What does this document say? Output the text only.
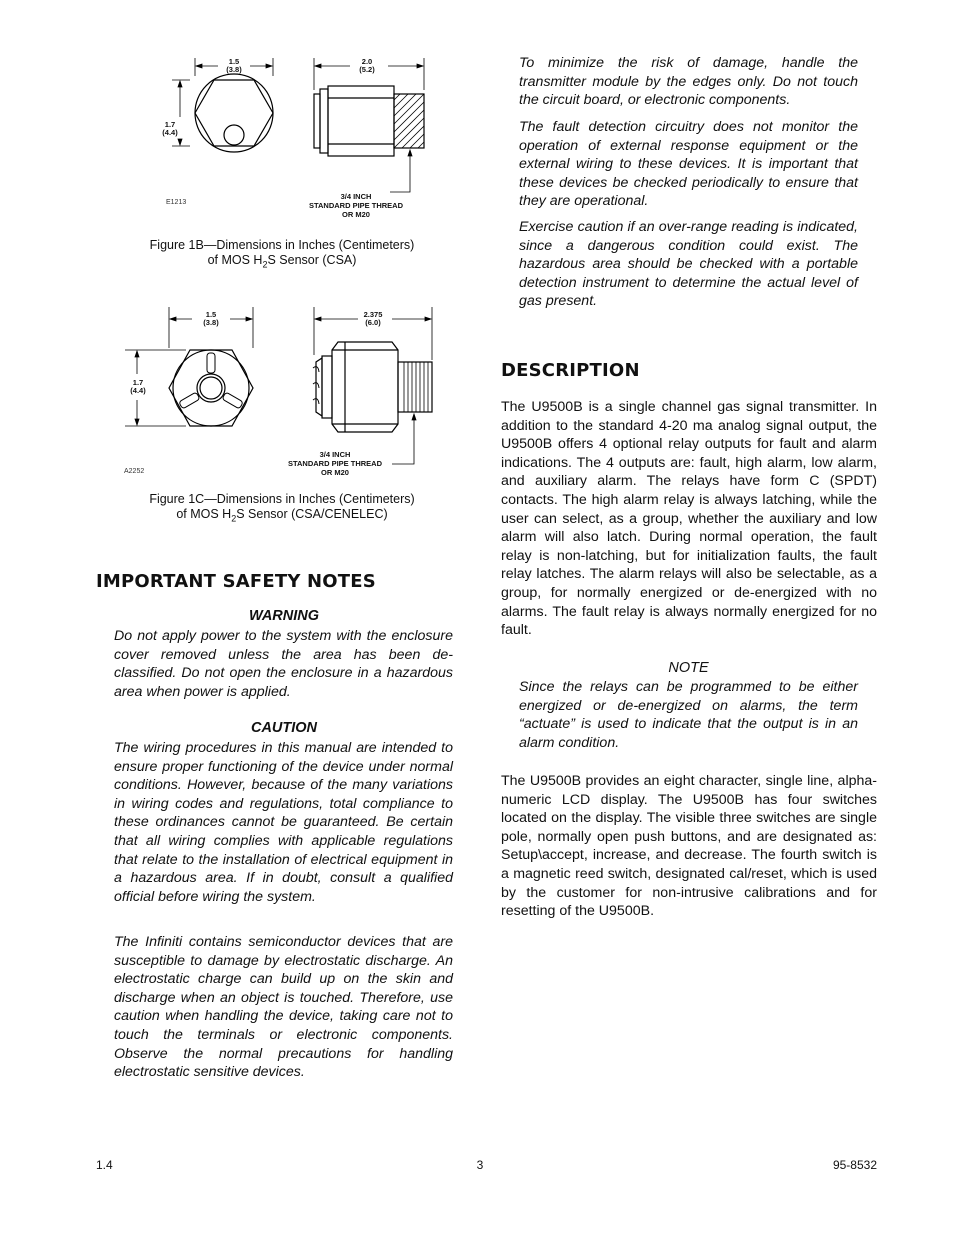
1.5
(3.8)
2.0
(5.2)
1.7
(4.4)
3/4 INCH
STANDARD PIPE THREAD
OR M20
E1213
Figure 1B—Dimensions in Inches (Centimeters)
of MOS $H_2S$ Sensor (CSA)
1.5
(3.8)
2.375
(6.0)
1.7
(4.4)
3/4 INCH
STANDARD PIPE THREAD
OR M20
A2252
Figure 1C—Dimensions in Inches (Centimeters)
of MOS $H_2S$ Sensor (CSA/CENELEC)
IMPORTANT SAFETY NOTES
WARNING

Do not apply power to the system with the enclosure cover removed unless the area has been de-classified. Do not open the enclosure in a hazardous area when power is applied.

CAUTION

The wiring procedures in this manual are intended to ensure proper functioning of the device under normal conditions. However, because of the many variations in wiring codes and regulations, total compliance to these ordinances cannot be guaranteed. Be certain that all wiring complies with applicable regulations that relate to the installation of electrical equipment in a hazardous area. If in doubt, consult a qualified official before wiring the system.

The Infiniti contains semiconductor devices that are susceptible to damage by electrostatic discharge. An electrostatic charge can build up on the skin and discharge when an object is touched. Therefore, use caution when handling the device, taking care not to touch the terminals or electronic components. Observe the normal precautions for handling electrostatic sensitive devices.

To minimize the risk of damage, handle the transmitter module by the edges only. Do not touch the circuit board, or electronic components.

The fault detection circuitry does not monitor the operation of external response equipment or the external wiring to these devices. It is important that these devices be checked periodically to ensure that they are operational.

Exercise caution if an over-range reading is indicated, since a dangerous condition could exist. The hazardous area should be checked with a portable detection instrument to determine the actual level of gas present.

DESCRIPTION

The U9500B is a single channel gas signal transmitter. In addition to the standard 4-20 ma analog signal output, the U9500B offers 4 optional relay outputs for fault and alarm indications. The 4 outputs are: fault, high alarm, low alarm, and auxiliary alarm. The relays have form C (SPDT) contacts. The high alarm relay is always latching, while the user can select, as a group, whether the auxiliary and low alarm will also latch. During normal operation, the fault relay is non-latching, but for initialization faults, the fault relay latches. The alarm relays will also be selectable, as a group, for normally energized or de-energized with no alarms. The fault relay is always normally energized for no fault.

NOTE

Since the relays can be programmed to be either energized or de-energized on alarms, the term “actuate” is used to indicate that the output is in an alarm condition.

The U9500B provides an eight character, single line, alpha-numeric LCD display. The U9500B has four switches located on the display. The visible three switches are single pole, normally open push buttons, and are designated as: Setup\accept, increase, and decrease. The fourth switch is a magnetic reed switch, designated cal/reset, which is used by the customer for non-intrusive calibrations and for resetting of the U9500B.

1.4	3	95-8532
